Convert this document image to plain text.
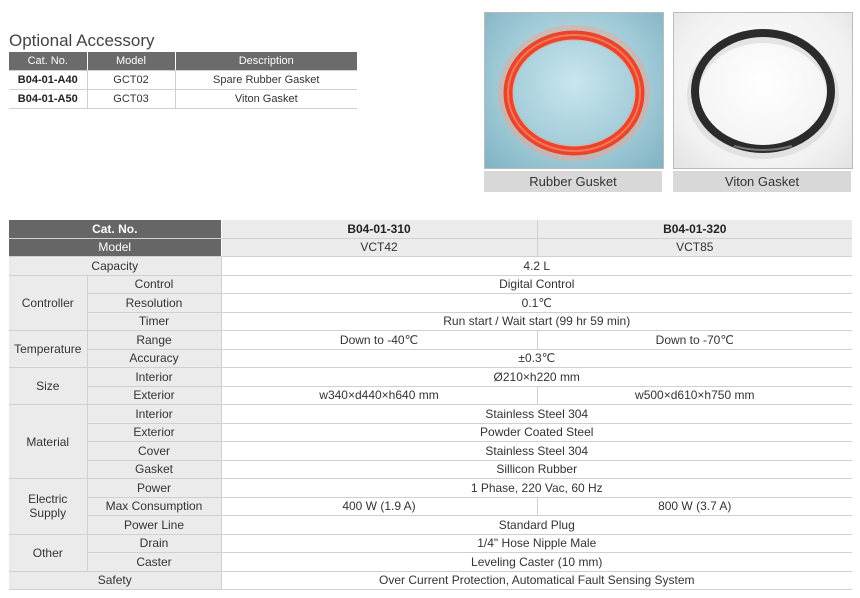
Optional Accessory
Cat. No.	Model	Description
B04-01-A40	GCT02	Spare Rubber Gasket
B04-01-A50	GCT03	Viton Gasket
Rubber Gusket	Viton Gasket
Cat. No.		B04-01-310	B04-01-320
Model		VCT42	VCT85
Capacity		4.2 L	
Controller	Control	Digital Control	
	Resolution	0.1℃	
	Timer	Run start / Wait start (99 hr 59 min)	
Temperature	Range	Down to -40℃	Down to -70℃
	Accuracy	±0.3℃	
Size	Interior	Ø210×h220 mm	
	Exterior	w340×d440×h640 mm	w500×d610×h750 mm
Material	Interior	Stainless Steel 304	
	Exterior	Powder Coated Steel	
	Cover	Stainless Steel 304	
	Gasket	Sillicon Rubber	
Electric
Supply	Power	1 Phase, 220 Vac, 60 Hz	
	Max Consumption	400 W (1.9 A)	800 W (3.7 A)
	Power Line	Standard Plug	
Other	Drain	1/4" Hose Nipple Male	
	Caster	Leveling Caster (10 mm)	
Safety		Over Current Protection, Automatical Fault Sensing System	
